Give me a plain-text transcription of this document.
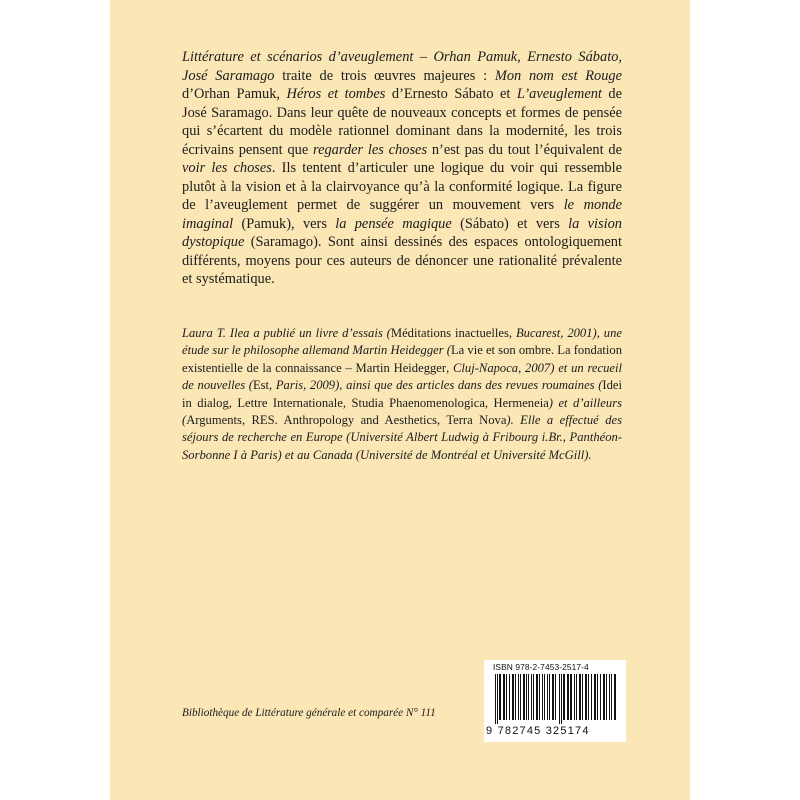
Littérature et scénarios d’aveuglement – Orhan Pamuk, Ernesto Sábato, José Saramago traite de trois œuvres majeures : Mon nom est Rouge d’Orhan Pamuk, Héros et tombes d’Ernesto Sábato et L’aveuglement de José Saramago. Dans leur quête de nouveaux concepts et formes de pensée qui s’écartent du modèle rationnel dominant dans la modernité, les trois écrivains pensent que regarder les choses n’est pas du tout l’équivalent de voir les choses. Ils tentent d’articuler une logique du voir qui ressemble plutôt à la vision et à la clairvoyance qu’à la conformité logique. La figure de l’aveuglement permet de suggérer un mouvement vers le monde imaginal (Pamuk), vers la pensée magique (Sábato) et vers la vision dystopique (Saramago). Sont ainsi dessinés des espaces ontologiquement différents, moyens pour ces auteurs de dénoncer une rationalité prévalente et systématique.

Laura T. Ilea a publié un livre d’essais (Méditations inactuelles, Bucarest, 2001), une étude sur le philosophe allemand Martin Heidegger (La vie et son ombre. La fondation existentielle de la connaissance – Martin Heidegger, Cluj-Napoca, 2007) et un recueil de nouvelles (Est, Paris, 2009), ainsi que des articles dans des revues roumaines (Idei in dialog, Lettre Internationale, Studia Phaenomenologica, Hermeneia) et d’ailleurs (Arguments, RES. Anthropology and Aesthetics, Terra Nova). Elle a effectué des séjours de recherche en Europe (Université Albert Ludwig à Fribourg i.Br., Panthéon-Sorbonne I à Paris) et au Canada (Université de Montréal et Université McGill).

Bibliothèque de Littérature générale et comparée N° 111
ISBN 978-2-7453-2517-4
9 782745 325174
